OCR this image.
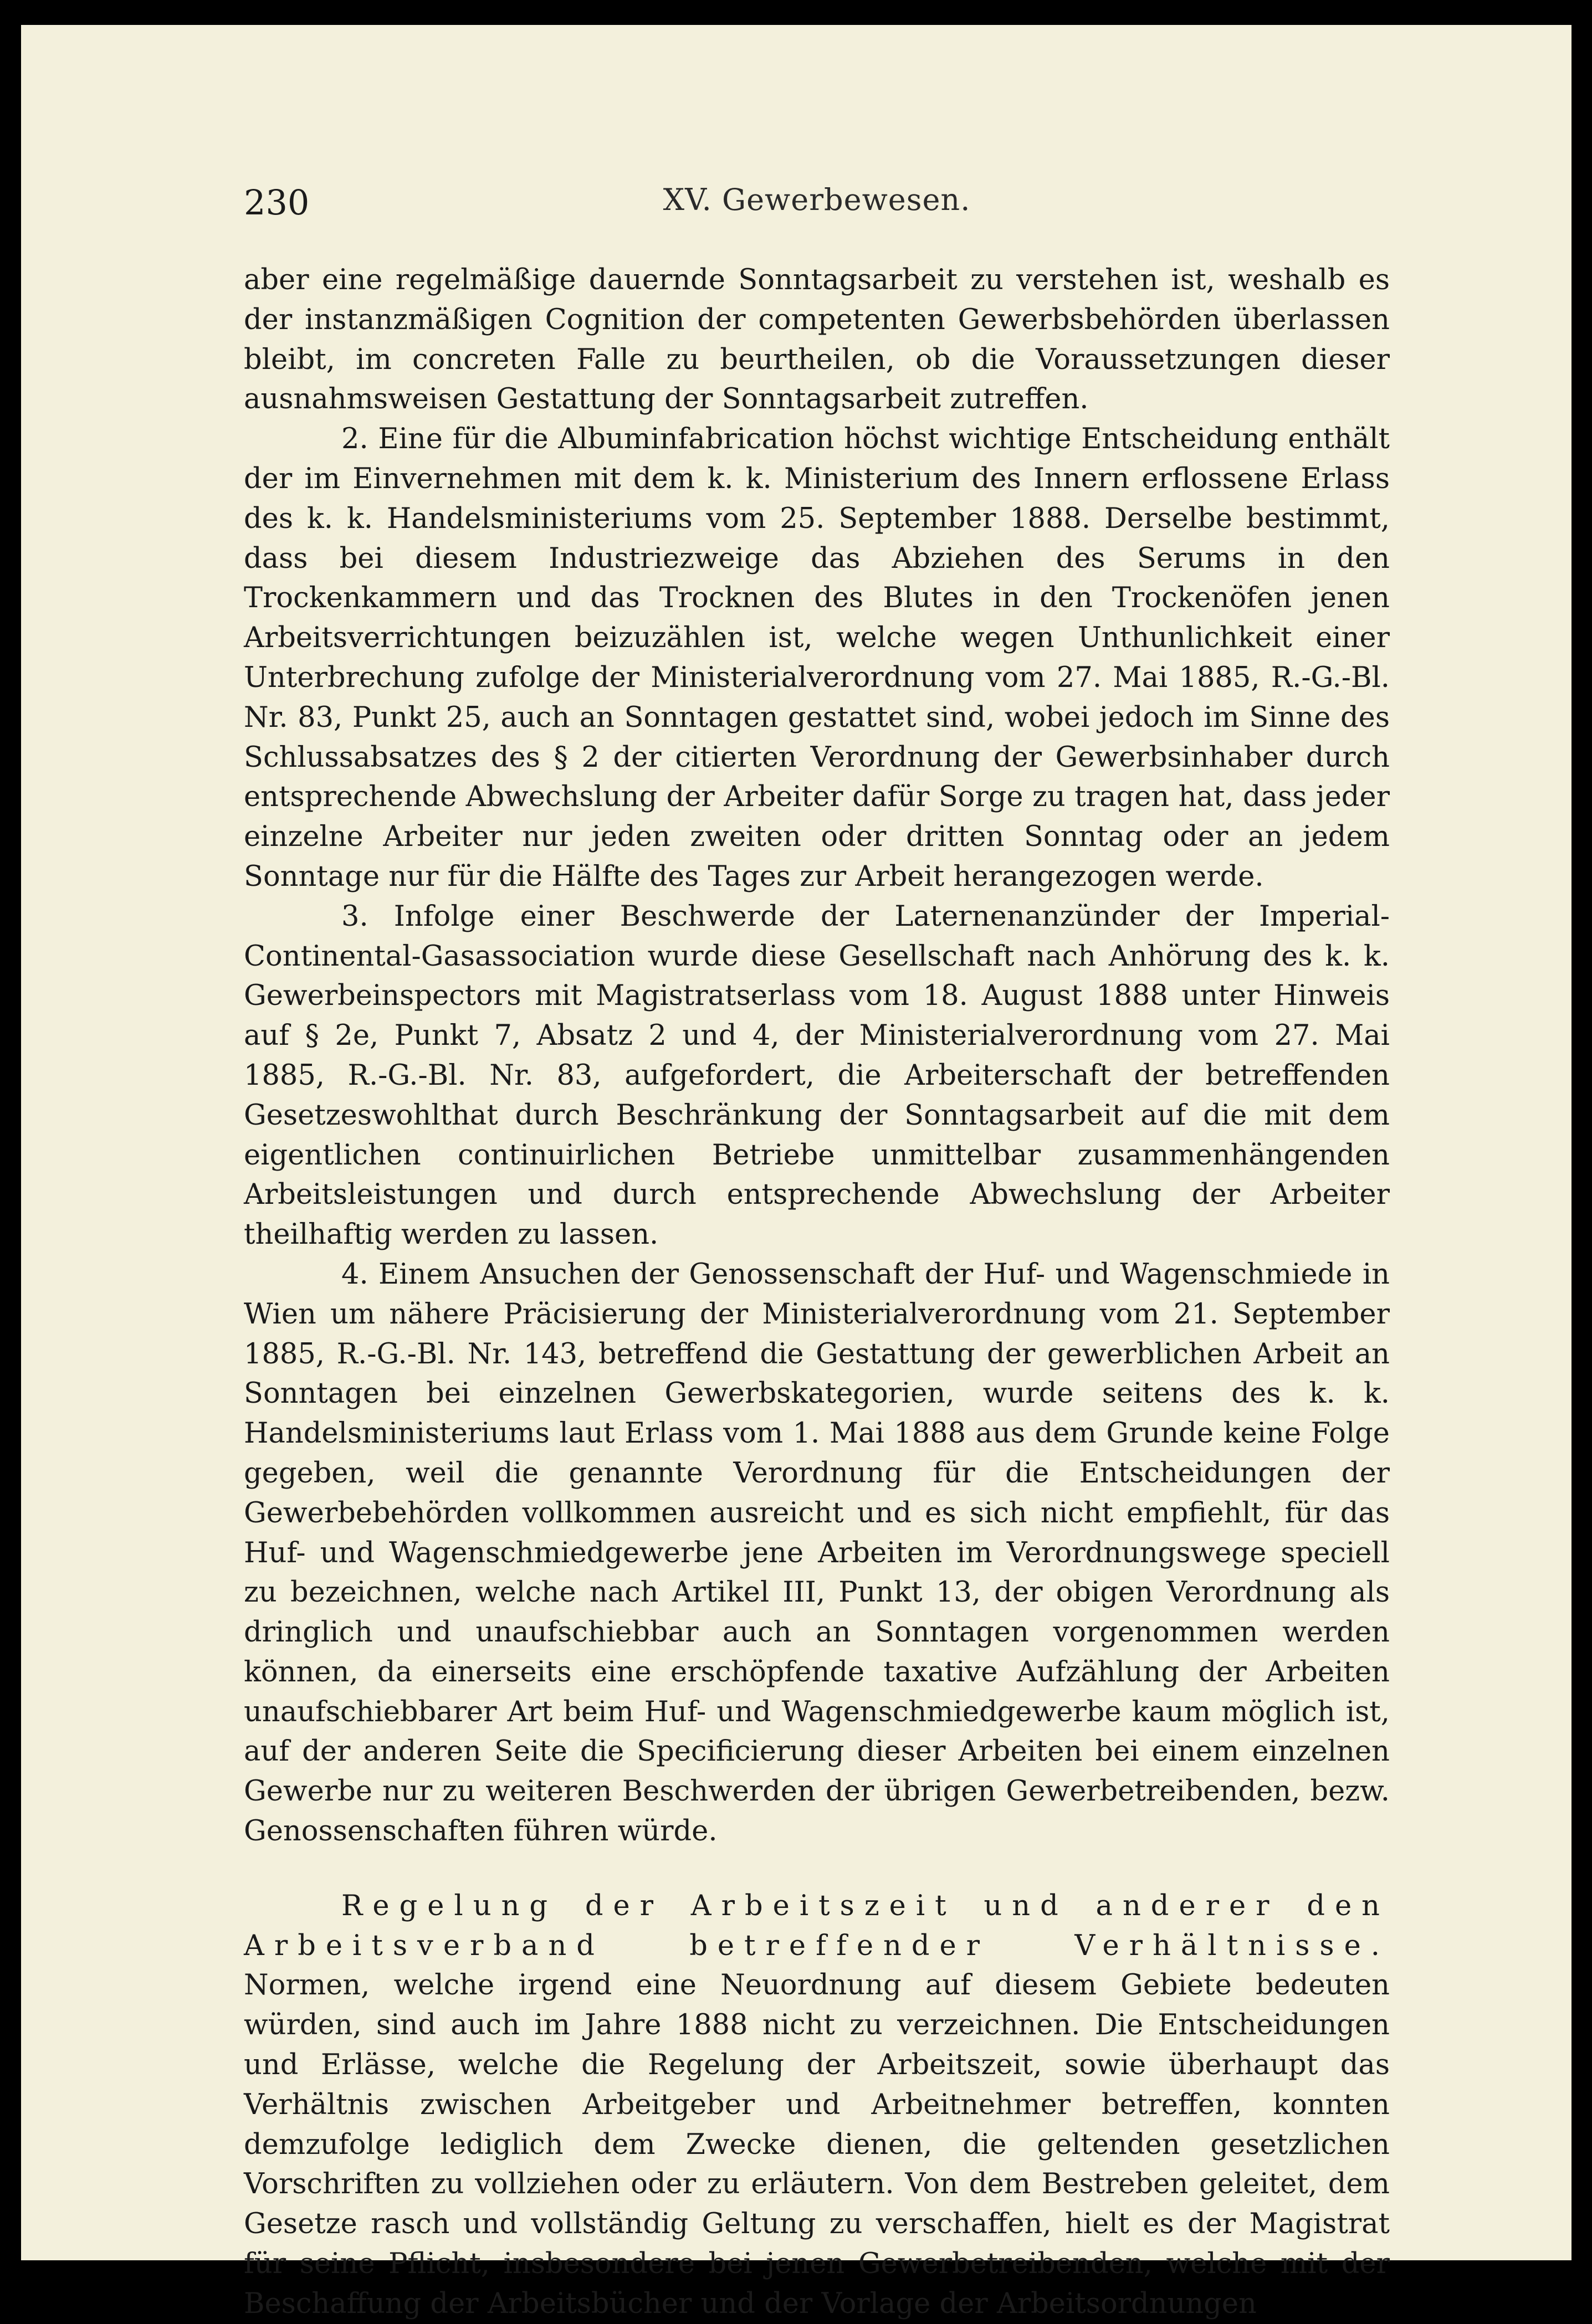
230	XV. Gewerbewesen.

aber eine regelmäßige dauernde Sonntagsarbeit zu verstehen ist, weshalb es der instanzmäßigen Cognition der competenten Gewerbsbehörden überlassen bleibt, im concreten Falle zu beurtheilen, ob die Voraussetzungen dieser ausnahmsweisen Gestattung der Sonntagsarbeit zutreffen.

2. Eine für die Albuminfabrication höchst wichtige Entscheidung enthält der im Einvernehmen mit dem k. k. Ministerium des Innern erflossene Erlass des k. k. Handelsministeriums vom 25. September 1888. Derselbe bestimmt, dass bei diesem Industriezweige das Abziehen des Serums in den Trockenkammern und das Trocknen des Blutes in den Trockenöfen jenen Arbeitsverrichtungen beizuzählen ist, welche wegen Unthunlichkeit einer Unterbrechung zufolge der Ministerialverordnung vom 27. Mai 1885, R.-G.-Bl. Nr. 83, Punkt 25, auch an Sonntagen gestattet sind, wobei jedoch im Sinne des Schlussabsatzes des § 2 der citierten Verordnung der Gewerbsinhaber durch entsprechende Abwechslung der Arbeiter dafür Sorge zu tragen hat, dass jeder einzelne Arbeiter nur jeden zweiten oder dritten Sonntag oder an jedem Sonntage nur für die Hälfte des Tages zur Arbeit herangezogen werde.

3. Infolge einer Beschwerde der Laternenanzünder der Imperial-Continental-Gasassociation wurde diese Gesellschaft nach Anhörung des k. k. Gewerbeinspectors mit Magistratserlass vom 18. August 1888 unter Hinweis auf § 2e, Punkt 7, Absatz 2 und 4, der Ministerialverordnung vom 27. Mai 1885, R.-G.-Bl. Nr. 83, aufgefordert, die Arbeiterschaft der betreffenden Gesetzeswohlthat durch Beschränkung der Sonntagsarbeit auf die mit dem eigentlichen continuirlichen Betriebe unmittelbar zusammenhängenden Arbeitsleistungen und durch entsprechende Abwechslung der Arbeiter theilhaftig werden zu lassen.

4. Einem Ansuchen der Genossenschaft der Huf- und Wagenschmiede in Wien um nähere Präcisierung der Ministerialverordnung vom 21. September 1885, R.-G.-Bl. Nr. 143, betreffend die Gestattung der gewerblichen Arbeit an Sonntagen bei einzelnen Gewerbskategorien, wurde seitens des k. k. Handelsministeriums laut Erlass vom 1. Mai 1888 aus dem Grunde keine Folge gegeben, weil die genannte Verordnung für die Entscheidungen der Gewerbebehörden vollkommen ausreicht und es sich nicht empfiehlt, für das Huf- und Wagenschmiedgewerbe jene Arbeiten im Verordnungswege speciell zu bezeichnen, welche nach Artikel III, Punkt 13, der obigen Verordnung als dringlich und unaufschiebbar auch an Sonntagen vorgenommen werden können, da einerseits eine erschöpfende taxative Aufzählung der Arbeiten unaufschiebbarer Art beim Huf- und Wagenschmiedgewerbe kaum möglich ist, auf der anderen Seite die Specificierung dieser Arbeiten bei einem einzelnen Gewerbe nur zu weiteren Beschwerden der übrigen Gewerbetreibenden, bezw. Genossenschaften führen würde.

Regelung der Arbeitszeit und anderer den Arbeitsverband betreffender Verhältnisse. Normen, welche irgend eine Neuordnung auf diesem Gebiete bedeuten würden, sind auch im Jahre 1888 nicht zu verzeichnen. Die Entscheidungen und Erlässe, welche die Regelung der Arbeitszeit, sowie überhaupt das Verhältnis zwischen Arbeitgeber und Arbeitnehmer betreffen, konnten demzufolge lediglich dem Zwecke dienen, die geltenden gesetzlichen Vorschriften zu vollziehen oder zu erläutern. Von dem Bestreben geleitet, dem Gesetze rasch und vollständig Geltung zu verschaffen, hielt es der Magistrat für seine Pflicht, insbesondere bei jenen Gewerbetreibenden, welche mit der Beschaffung der Arbeitsbücher und der Vorlage der Arbeitsordnungen
